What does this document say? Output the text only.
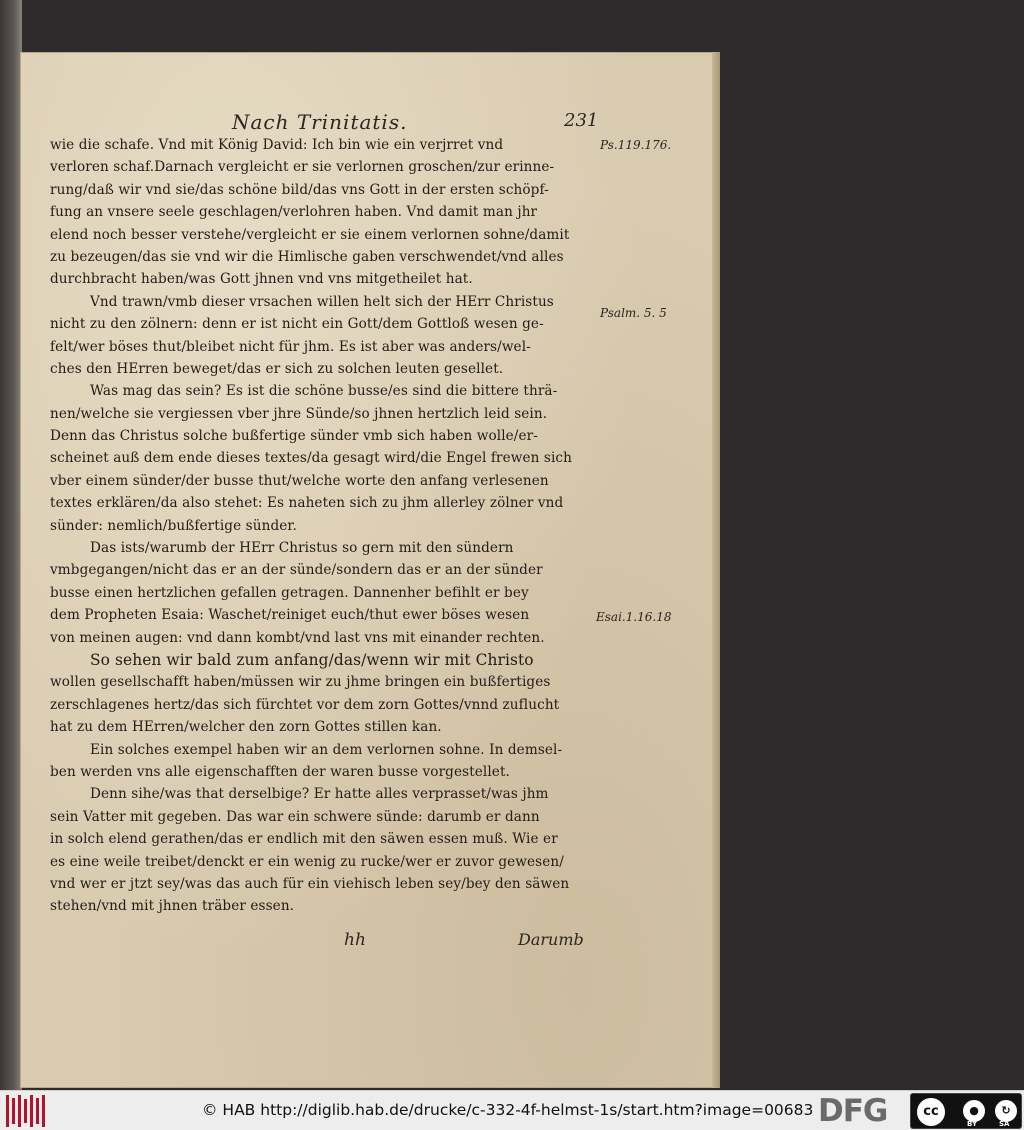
Nach Trinitatis.	231
wie die schafe. Vnd mit König David: Ich bin wie ein verjrret vnd
verloren schaf.Darnach vergleicht er sie verlornen groschen/zur erinne-
rung/daß wir vnd sie/das schöne bild/das vns Gott in der ersten schöpf-
fung an vnsere seele geschlagen/verlohren haben. Vnd damit man jhr
elend noch besser verstehe/vergleicht er sie einem verlornen sohne/damit
zu bezeugen/das sie vnd wir die Himlische gaben verschwendet/vnd alles
durchbracht haben/was Gott jhnen vnd vns mitgetheilet hat.
Vnd trawn/vmb dieser vrsachen willen helt sich der HErr Christus
nicht zu den zölnern: denn er ist nicht ein Gott/dem Gottloß wesen ge-
felt/wer böses thut/bleibet nicht für jhm. Es ist aber was anders/wel-
ches den HErren beweget/das er sich zu solchen leuten gesellet.
Was mag das sein? Es ist die schöne busse/es sind die bittere thrä-
nen/welche sie vergiessen vber jhre Sünde/so jhnen hertzlich leid sein.
Denn das Christus solche bußfertige sünder vmb sich haben wolle/er-
scheinet auß dem ende dieses textes/da gesagt wird/die Engel frewen sich
vber einem sünder/der busse thut/welche worte den anfang verlesenen
textes erklären/da also stehet: Es naheten sich zu jhm allerley zölner vnd
sünder: nemlich/bußfertige sünder.
Das ists/warumb der HErr Christus so gern mit den sündern
vmbgegangen/nicht das er an der sünde/sondern das er an der sünder
busse einen hertzlichen gefallen getragen. Dannenher befihlt er bey
dem Propheten Esaia: Waschet/reiniget euch/thut ewer böses wesen
von meinen augen: vnd dann kombt/vnd last vns mit einander rechten.
So sehen wir bald zum anfang/das/wenn wir mit Christo
wollen gesellschafft haben/müssen wir zu jhme bringen ein bußfertiges
zerschlagenes hertz/das sich fürchtet vor dem zorn Gottes/vnnd zuflucht
hat zu dem HErren/welcher den zorn Gottes stillen kan.
Ein solches exempel haben wir an dem verlornen sohne. In demsel-
ben werden vns alle eigenschafften der waren busse vorgestellet.
Denn sihe/was that derselbige? Er hatte alles verprasset/was jhm
sein Vatter mit gegeben. Das war ein schwere sünde: darumb er dann
in solch elend gerathen/das er endlich mit den säwen essen muß. Wie er
es eine weile treibet/denckt er ein wenig zu rucke/wer er zuvor gewesen/
vnd wer er jtzt sey/was das auch für ein viehisch leben sey/bey den säwen
stehen/vnd mit jhnen träber essen.
Ps.119.176.
Psalm. 5. 5
Esai.1.16.18
hh	Darumb
© HAB http://diglib.hab.de/drucke/c-332-4f-helmst-1s/start.htm?image=00683 DFG	cc	●	↻
BY	SA
